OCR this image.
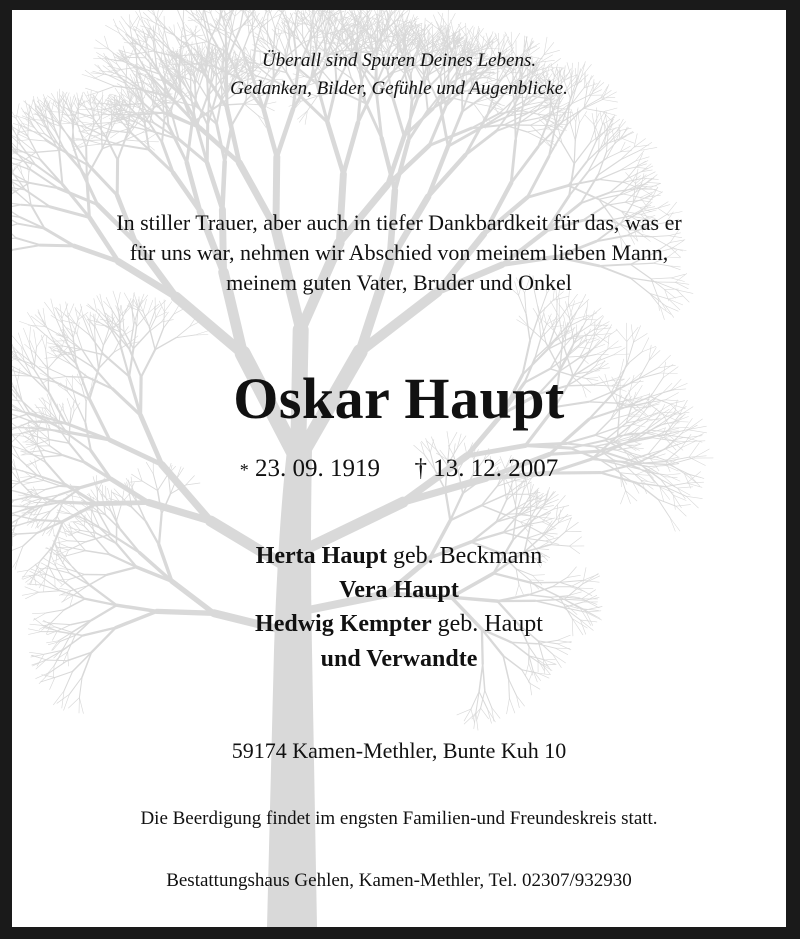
Überall sind Spuren Deines Lebens.
Gedanken, Bilder, Gefühle und Augenblicke.
In stiller Trauer, aber auch in tiefer Dankbardkeit für das, was er
für uns war, nehmen wir Abschied von meinem lieben Mann,
meinem guten Vater, Bruder und Onkel
Oskar Haupt
* 23. 09. 1919 † 13. 12. 2007
Herta Haupt geb. Beckmann
Vera Haupt
Hedwig Kempter geb. Haupt
und Verwandte
59174 Kamen-Methler, Bunte Kuh 10
Die Beerdigung findet im engsten Familien-und Freundeskreis statt.
Bestattungshaus Gehlen, Kamen-Methler, Tel. 02307/932930
